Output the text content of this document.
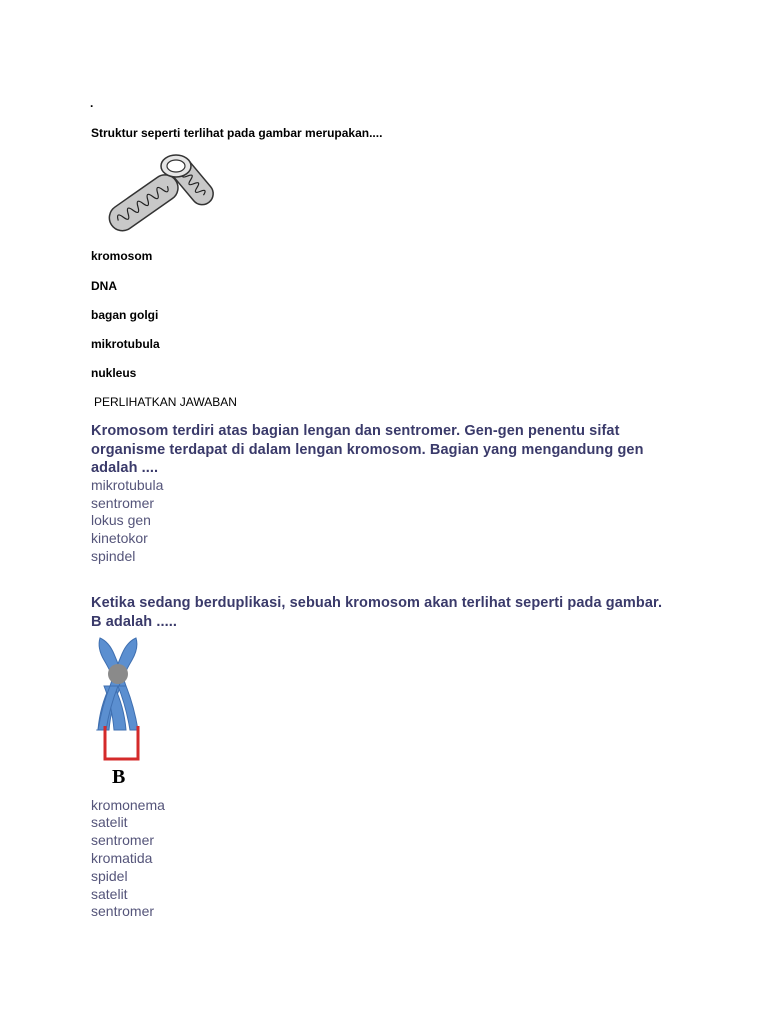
.
Struktur seperti terlihat pada gambar merupakan....
kromosom
DNA
bagan golgi
mikrotubula
nukleus
PERLIHATKAN JAWABAN
Kromosom terdiri atas bagian lengan dan sentromer. Gen-gen penentu sifat
organisme terdapat di dalam lengan kromosom. Bagian yang mengandung gen
adalah ....
mikrotubula
sentromer
lokus gen
kinetokor
spindel
Ketika sedang berduplikasi, sebuah kromosom akan terlihat seperti pada gambar.
B adalah .....
B
kromonema
satelit
sentromer
kromatida
spidel
satelit
sentromer
